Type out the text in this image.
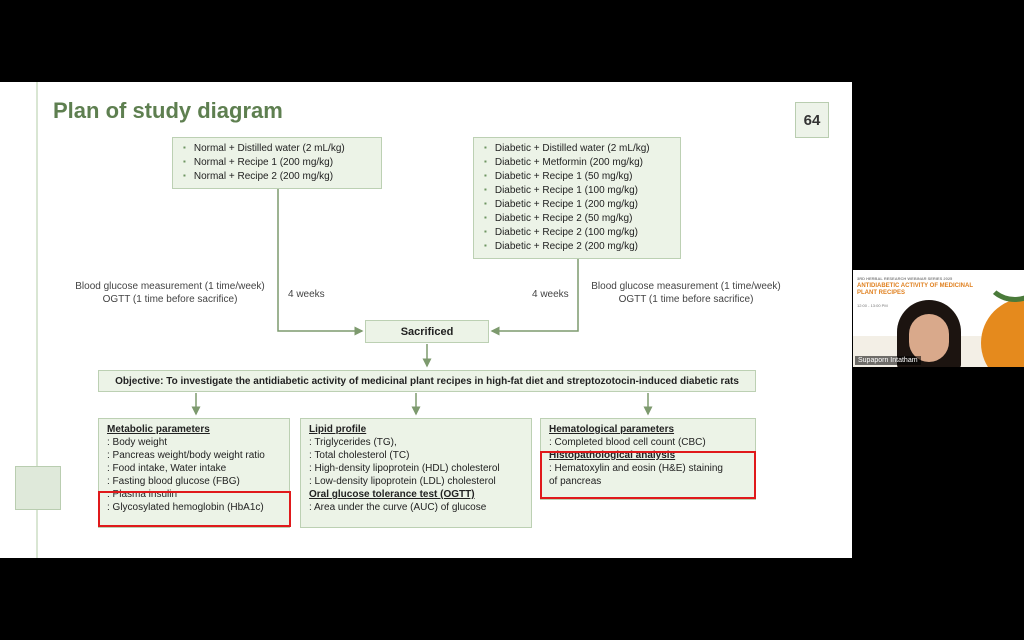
Plan of study diagram	64
▪ Normal + Distilled water (2 mL/kg)
▪ Normal + Recipe 1 (200 mg/kg)
▪ Normal + Recipe 2 (200 mg/kg)
▪ Diabetic + Distilled water (2 mL/kg)
▪ Diabetic + Metformin (200 mg/kg)
▪ Diabetic + Recipe 1 (50 mg/kg)
▪ Diabetic + Recipe 1 (100 mg/kg)
▪ Diabetic + Recipe 1 (200 mg/kg)
▪ Diabetic + Recipe 2 (50 mg/kg)
▪ Diabetic + Recipe 2 (100 mg/kg)
▪ Diabetic + Recipe 2 (200 mg/kg)
Blood glucose measurement (1 time/week)
OGTT (1 time before sacrifice)	4 weeks	4 weeks
Blood glucose measurement (1 time/week)
OGTT (1 time before sacrifice)
Sacrificed
Objective: To investigate the antidiabetic activity of medicinal plant recipes in high-fat diet and streptozotocin-induced diabetic rats
Metabolic parameters
: Body weight
: Pancreas weight/body weight ratio
: Food intake, Water intake
: Fasting blood glucose (FBG)
: Plasma insulin
: Glycosylated hemoglobin (HbA1c)
Lipid profile
: Triglycerides (TG),
: Total cholesterol (TC)
: High-density lipoprotein (HDL) cholesterol
: Low-density lipoprotein (LDL) cholesterol
Oral glucose tolerance test (OGTT)
: Area under the curve (AUC) of glucose
Hematological parameters
: Completed blood cell count (CBC)
Histopathological analysis
: Hematoxylin and eosin (H&E) staining
of pancreas
3RD HERBAL RESEARCH WEBINAR SERIES 2025
ANTIDIABETIC ACTIVITY OF MEDICINAL PLANT RECIPES
12:00 - 13:00 PM
Supaporn Intatham
